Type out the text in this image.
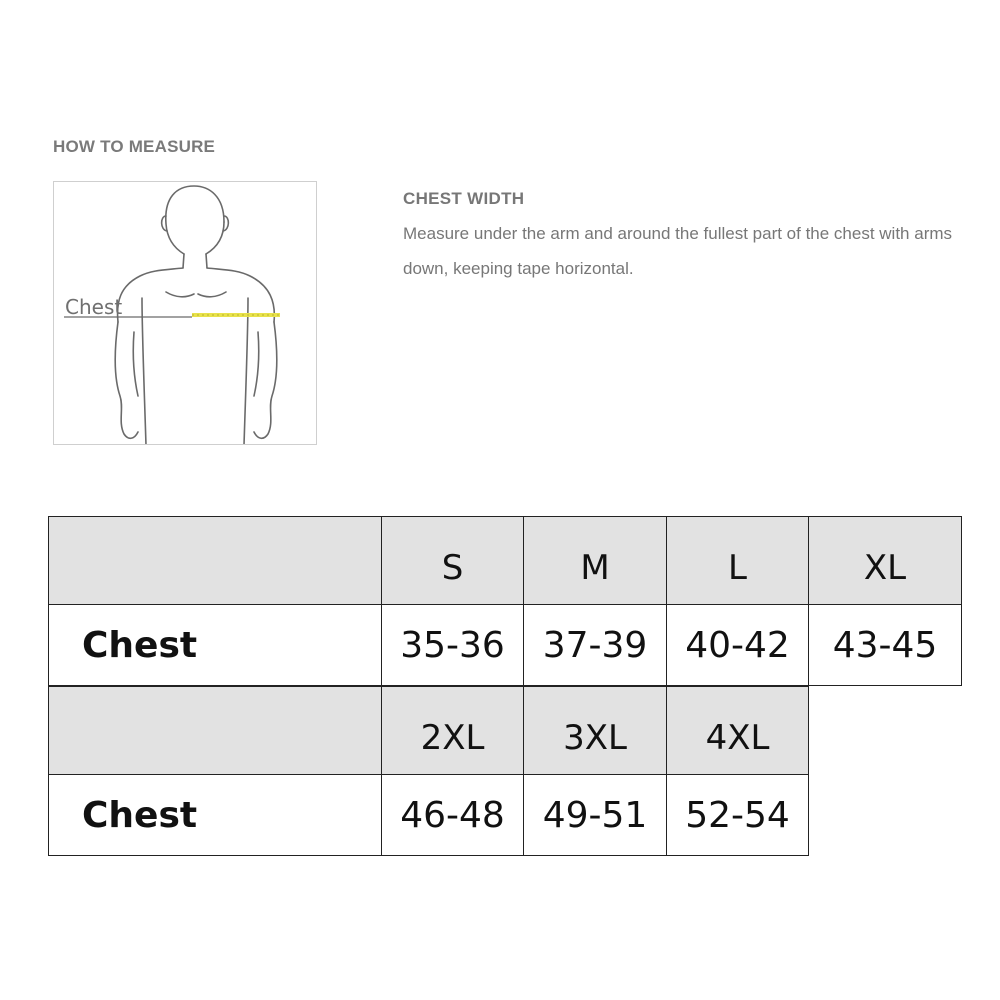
HOW TO MEASURE
Chest
CHEST WIDTH

Measure under the arm and around the fullest part of the chest with arms down, keeping tape horizontal.

	S	M	L	XL
Chest	35-36	37-39	40-42	43-45
	2XL	3XL	4XL
Chest	46-48	49-51	52-54
